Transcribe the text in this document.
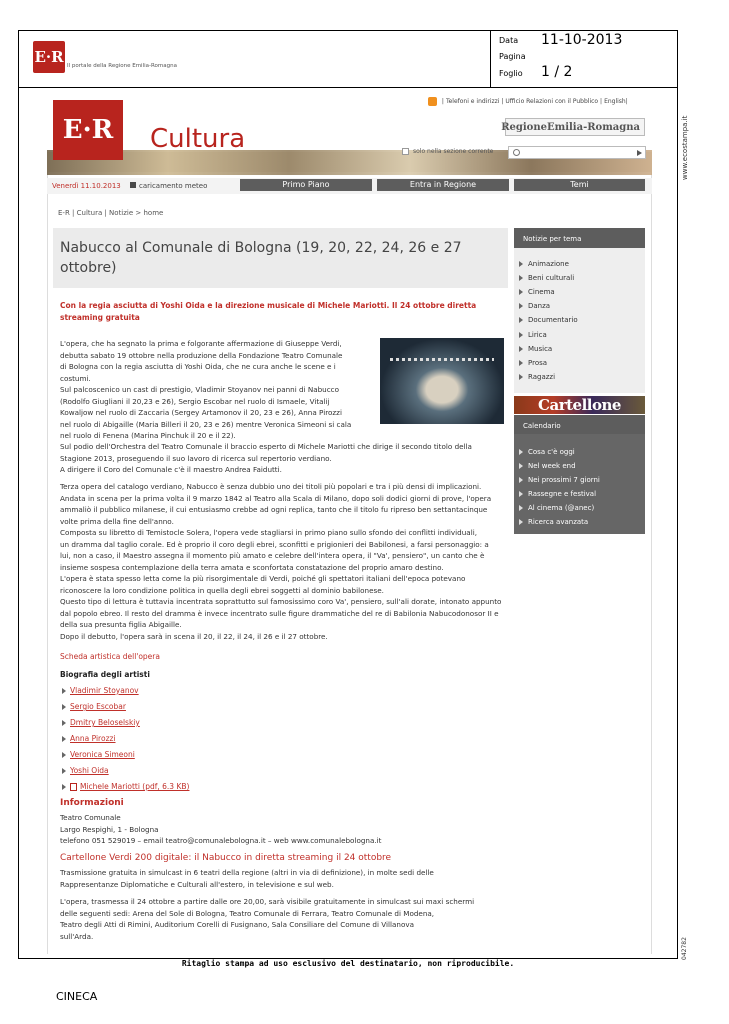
E·R Il portale della Regione Emilia-Romagna
Data 11-10-2013
Pagina
Foglio 1 / 2
www.ecostampa.it
042782
E·R	Cultura
| Telefoni e indirizzi | Ufficio Relazioni con il Pubblico | English|
RegioneEmilia-Romagna
solo nella sezione corrente
Venerdì 11.10.2013	caricamento meteo	Primo Piano	Entra in Regione	Temi
E-R | Cultura | Notizie > home
Nabucco al Comunale di Bologna (19, 20, 22, 24, 26 e 27 ottobre)
Con la regia asciutta di Yoshi Oida e la direzione musicale di Michele Mariotti. Il 24 ottobre diretta streaming gratuita
L'opera, che ha segnato la prima e folgorante affermazione di Giuseppe Verdi,
debutta sabato 19 ottobre nella produzione della Fondazione Teatro Comunale
di Bologna con la regia asciutta di Yoshi Oida, che ne cura anche le scene e i
costumi.
Sul palcoscenico un cast di prestigio, Vladimir Stoyanov nei panni di Nabucco
(Rodolfo Giugliani il 20,23 e 26), Sergio Escobar nel ruolo di Ismaele, Vitalij
Kowaljow nel ruolo di Zaccaria (Sergey Artamonov il 20, 23 e 26), Anna Pirozzi
nel ruolo di Abigaille (Maria Billeri il 20, 23 e 26) mentre Veronica Simeoni si cala
nel ruolo di Fenena (Marina Pinchuk il 20 e il 22).
Sul podio dell'Orchestra del Teatro Comunale il braccio esperto di Michele Mariotti che dirige il secondo titolo della
Stagione 2013, proseguendo il suo lavoro di ricerca sul repertorio verdiano.
A dirigere il Coro del Comunale c'è il maestro Andrea Faidutti.
Terza opera del catalogo verdiano, Nabucco è senza dubbio uno dei titoli più popolari e tra i più densi di implicazioni.
Andata in scena per la prima volta il 9 marzo 1842 al Teatro alla Scala di Milano, dopo soli dodici giorni di prove, l'opera
ammaliò il pubblico milanese, il cui entusiasmo crebbe ad ogni replica, tanto che il titolo fu ripreso ben settantacinque
volte prima della fine dell'anno.
Composta su libretto di Temistocle Solera, l'opera vede stagliarsi in primo piano sullo sfondo dei conflitti individuali,
un dramma dal taglio corale. Ed è proprio il coro degli ebrei, sconfitti e prigionieri dei Babilonesi, a farsi personaggio: a
lui, non a caso, il Maestro assegna il momento più amato e celebre dell'intera opera, il "Va', pensiero", un canto che è
insieme sospesa contemplazione della terra amata e sconfortata constatazione del proprio amaro destino.
L'opera è stata spesso letta come la più risorgimentale di Verdi, poiché gli spettatori italiani dell'epoca potevano
riconoscere la loro condizione politica in quella degli ebrei soggetti al dominio babilonese.
Questo tipo di lettura è tuttavia incentrata soprattutto sul famosissimo coro Va', pensiero, sull'ali dorate, intonato appunto
dal popolo ebreo. Il resto del dramma è invece incentrato sulle figure drammatiche del re di Babilonia Nabucodonosor II e
della sua presunta figlia Abigaille.
Dopo il debutto, l'opera sarà in scena il 20, il 22, il 24, il 26 e il 27 ottobre.
Scheda artistica dell'opera
Biografia degli artisti
Vladimir Stoyanov
Sergio Escobar
Dmitry Beloselskiy
Anna Pirozzi
Veronica Simeoni
Yoshi Oida
Michele Mariotti (pdf, 6.3 KB)
Informazioni
Teatro Comunale
Largo Respighi, 1 - Bologna
telefono 051 529019 – email teatro@comunalebologna.it – web www.comunalebologna.it
Cartellone Verdi 200 digitale: il Nabucco in diretta streaming il 24 ottobre
Trasmissione gratuita in simulcast in 6 teatri della regione (altri in via di definizione), in molte sedi delle
Rappresentanze Diplomatiche e Culturali all'estero, in televisione e sul web.
L'opera, trasmessa il 24 ottobre a partire dalle ore 20,00, sarà visibile gratuitamente in simulcast sui maxi schermi
delle seguenti sedi: Arena del Sole di Bologna, Teatro Comunale di Ferrara, Teatro Comunale di Modena,
Teatro degli Atti di Rimini, Auditorium Corelli di Fusignano, Sala Consiliare del Comune di Villanova
sull'Arda.
Notizie per tema
Animazione
Beni culturali
Cinema
Danza
Documentario
Lirica
Musica
Prosa
Ragazzi
Cartellone
Calendario
Cosa c'è oggi
Nel week end
Nei prossimi 7 giorni
Rassegne e festival
Al cinema (@anec)
Ricerca avanzata
Ritaglio stampa ad uso esclusivo del destinatario, non riproducibile.
CINECA
